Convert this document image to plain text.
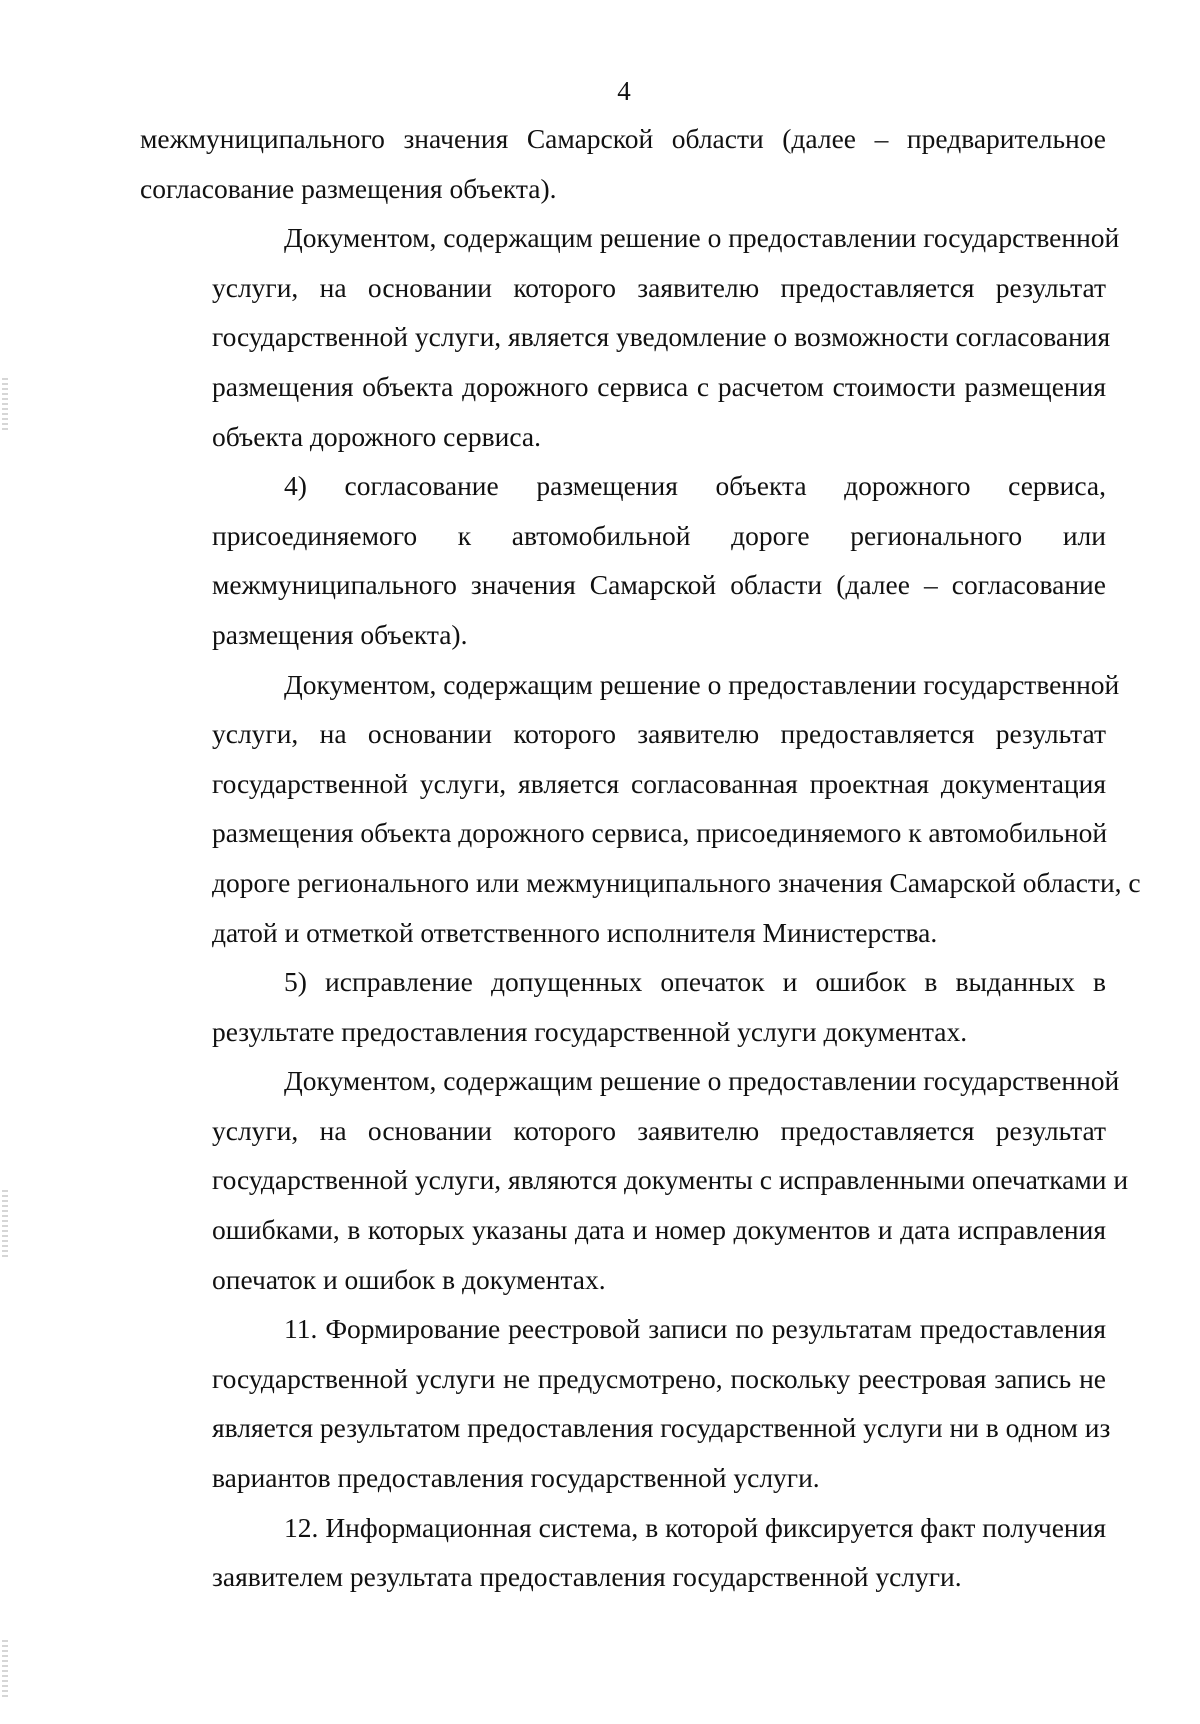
4
межмуниципального значения Самарской области (далее – предварительное
согласование размещения объекта).
Документом, содержащим решение о предоставлении государственной
услуги, на основании которого заявителю предоставляется результат
государственной услуги, является уведомление о возможности согласования
размещения объекта дорожного сервиса с расчетом стоимости размещения
объекта дорожного сервиса.
4) согласование размещения объекта дорожного сервиса,
присоединяемого к автомобильной дороге регионального или
межмуниципального значения Самарской области (далее – согласование
размещения объекта).
Документом, содержащим решение о предоставлении государственной
услуги, на основании которого заявителю предоставляется результат
государственной услуги, является согласованная проектная документация
размещения объекта дорожного сервиса, присоединяемого к автомобильной
дороге регионального или межмуниципального значения Самарской области, с
датой и отметкой ответственного исполнителя Министерства.
5) исправление допущенных опечаток и ошибок в выданных в
результате предоставления государственной услуги документах.
Документом, содержащим решение о предоставлении государственной
услуги, на основании которого заявителю предоставляется результат
государственной услуги, являются документы с исправленными опечатками и
ошибками, в которых указаны дата и номер документов и дата исправления
опечаток и ошибок в документах.
11. Формирование реестровой записи по результатам предоставления
государственной услуги не предусмотрено, поскольку реестровая запись не
является результатом предоставления государственной услуги ни в одном из
вариантов предоставления государственной услуги.
12. Информационная система, в которой фиксируется факт получения
заявителем результата предоставления государственной услуги.
